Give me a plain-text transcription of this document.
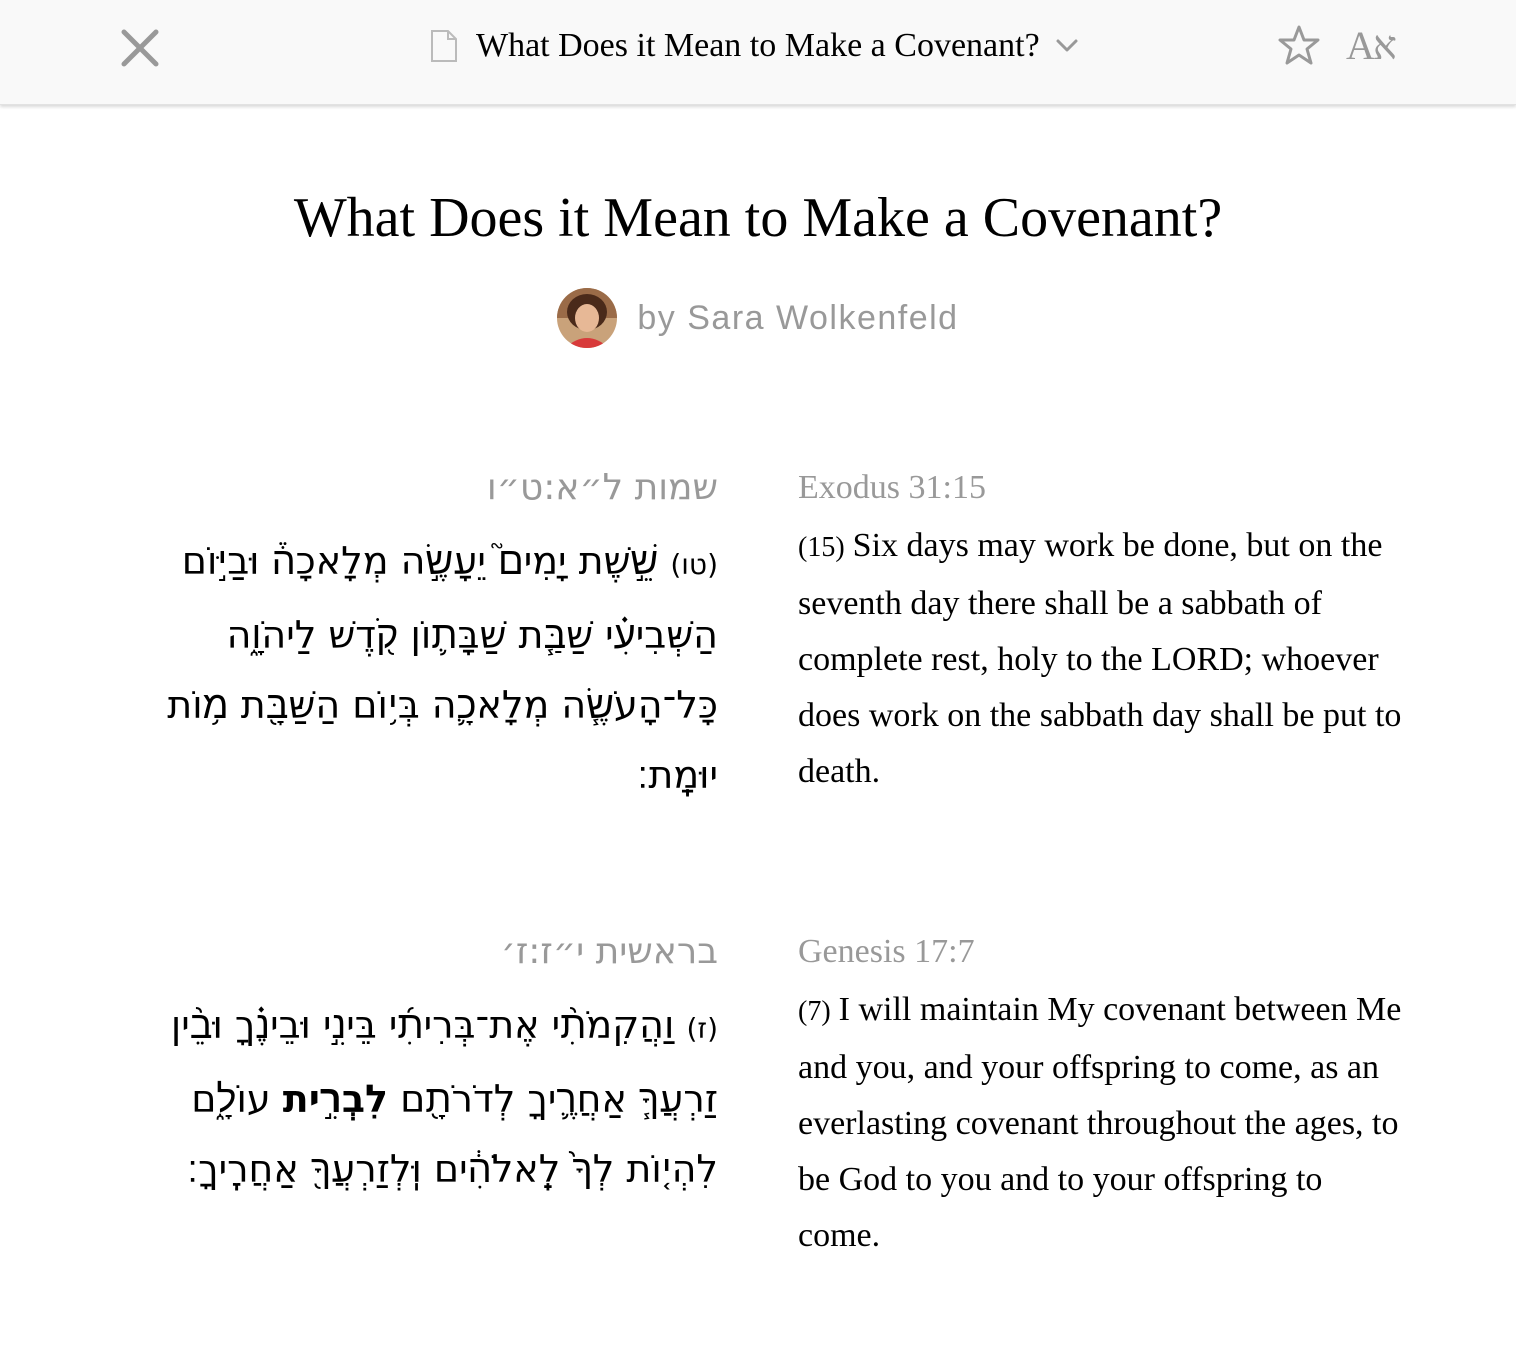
What Does it Mean to Make a Covenant?	Aא
What Does it Mean to Make a Covenant?
by Sara Wolkenfeld
שמות ל״א:ט״ו
(טו) שֵׁ֣שֶׁת יָמִים֮ יֵעָשֶׂ֣ה מְלָאכָה֒ וּבַיּ֣וֹם הַשְּׁבִיעִ֗י שַׁבַּ֧ת שַׁבָּת֛וֹן קֹ֖דֶשׁ לַיהֹוָ֑ה כָּל־הָעֹשֶׂ֧ה מְלָאכָ֛ה בְּי֥וֹם הַשַּׁבָּ֖ת מ֥וֹת יוּמָֽת׃
Exodus 31:15
(15) Six days may work be done, but on the seventh day there shall be a sabbath of complete rest, holy to the LORD; whoever does work on the sabbath day shall be put to death.
בראשית י״ז:ז׳
(ז) וַהֲקִמֹתִ֨י אֶת־בְּרִיתִ֜י בֵּינִ֣י וּבֵינֶ֗ךָ וּבֵ֨ין זַרְעֲךָ֧ אַחֲרֶ֛יךָ לְדֹרֹתָ֖ם לִבְרִ֣ית עוֹלָ֑ם לִהְי֤וֹת לְךָ֙ לֵֽאלֹהִ֔ים וּֽלְזַרְעֲךָ֖ אַחֲרֶֽיךָ׃
Genesis 17:7
(7) I will maintain My covenant between Me and you, and your offspring to come, as an everlasting covenant throughout the ages, to be God to you and to your offspring to come.
